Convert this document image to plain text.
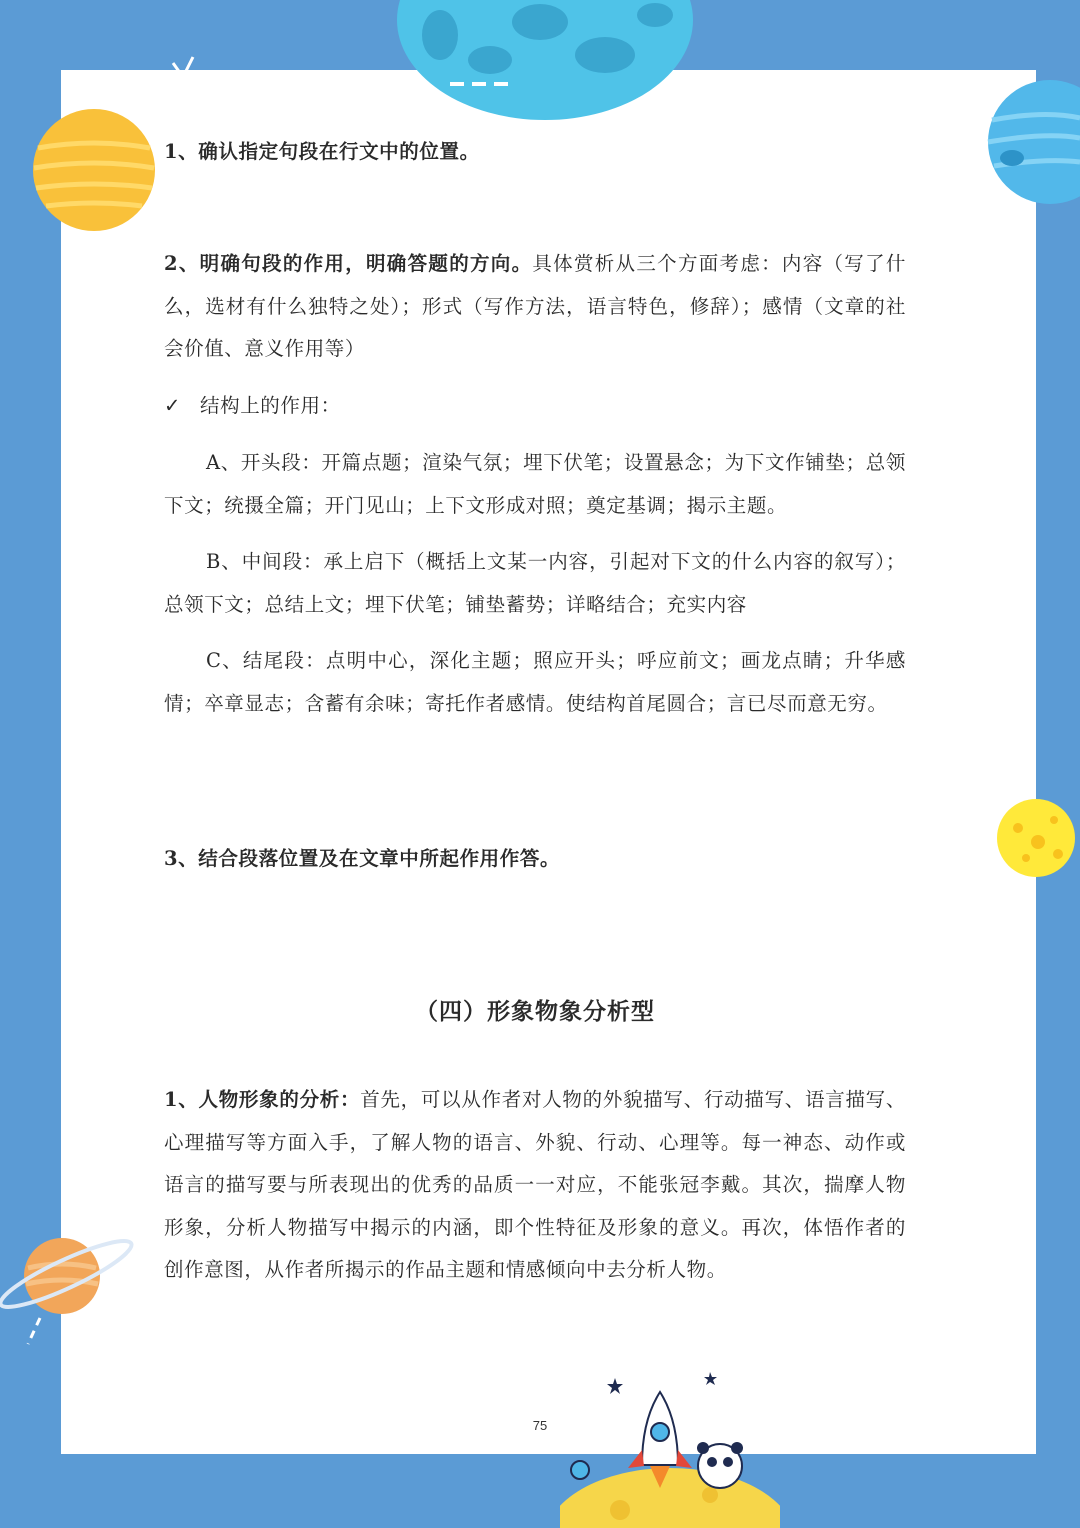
1、确认指定句段在行文中的位置。
2、明确句段的作用，明确答题的方向。具体赏析从三个方面考虑：内容（写了什么，选材有什么独特之处）；形式（写作方法，语言特色，修辞）；感情（文章的社会价值、意义作用等）
✓ 结构上的作用：
A、开头段：开篇点题；渲染气氛；埋下伏笔；设置悬念；为下文作铺垫；总领下文；统摄全篇；开门见山；上下文形成对照；奠定基调；揭示主题。
B、中间段：承上启下（概括上文某一内容，引起对下文的什么内容的叙写）；总领下文；总结上文；埋下伏笔；铺垫蓄势；详略结合；充实内容
C、结尾段：点明中心，深化主题；照应开头；呼应前文；画龙点睛；升华感情；卒章显志；含蓄有余味；寄托作者感情。使结构首尾圆合；言已尽而意无穷。
3、结合段落位置及在文章中所起作用作答。
（四）形象物象分析型
1、人物形象的分析：首先，可以从作者对人物的外貌描写、行动描写、语言描写、心理描写等方面入手，了解人物的语言、外貌、行动、心理等。每一神态、动作或语言的描写要与所表现出的优秀的品质一一对应，不能张冠李戴。其次，揣摩人物形象，分析人物描写中揭示的内涵，即个性特征及形象的意义。再次，体悟作者的创作意图，从作者所揭示的作品主题和情感倾向中去分析人物。
75
